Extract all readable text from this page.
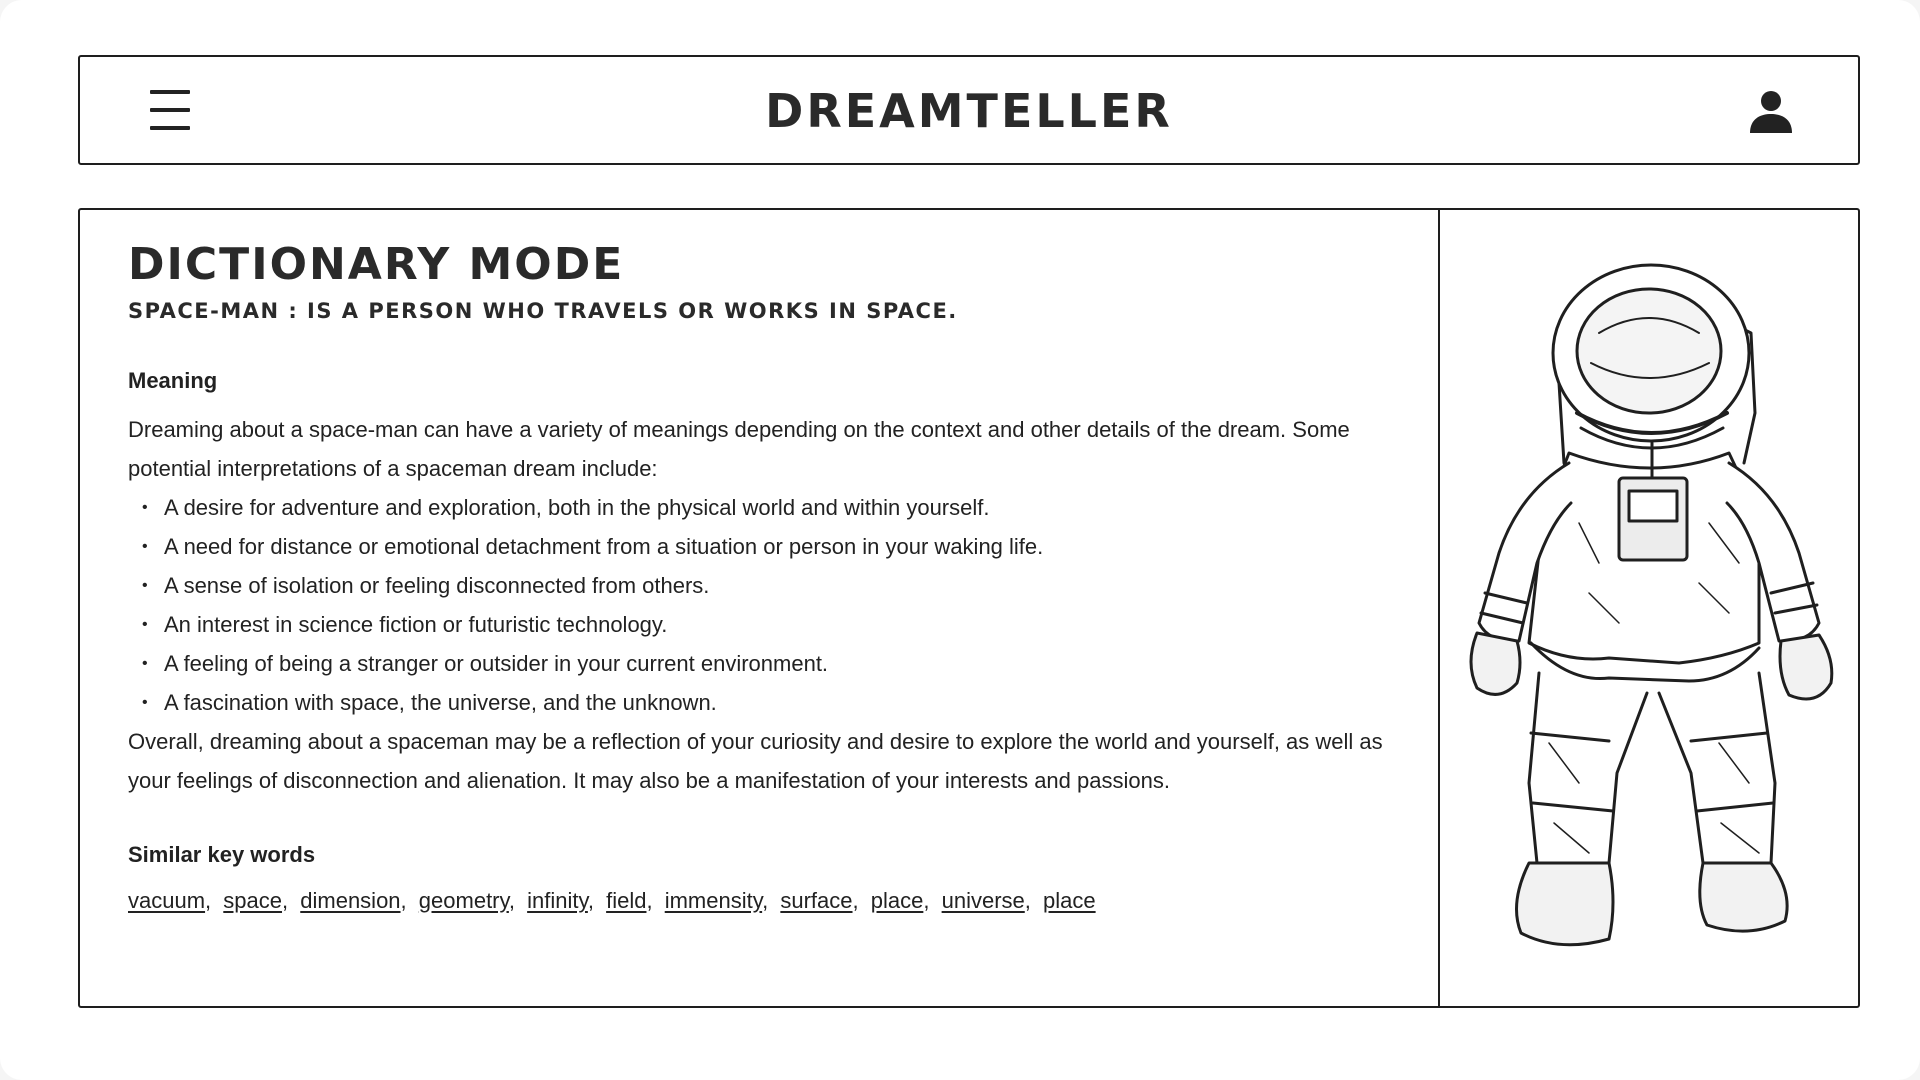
DREAMTELLER
DICTIONARY MODE

SPACE-MAN : IS A PERSON WHO TRAVELS OR WORKS IN SPACE.

Meaning

Dreaming about a space-man can have a variety of meanings depending on the context and other details of the dream. Some potential interpretations of a spaceman dream include:

• A desire for adventure and exploration, both in the physical world and within yourself.
• A need for distance or emotional detachment from a situation or person in your waking life.
• A sense of isolation or feeling disconnected from others.
• An interest in science fiction or futuristic technology.
• A feeling of being a stranger or outsider in your current environment.
• A fascination with space, the universe, and the unknown.

Overall, dreaming about a spaceman may be a reflection of your curiosity and desire to explore the world and yourself, as well as your feelings of disconnection and alienation. It may also be a manifestation of your interests and passions.

Similar key words
vacuum, space, dimension, geometry, infinity, field, immensity, surface, place, universe, place
